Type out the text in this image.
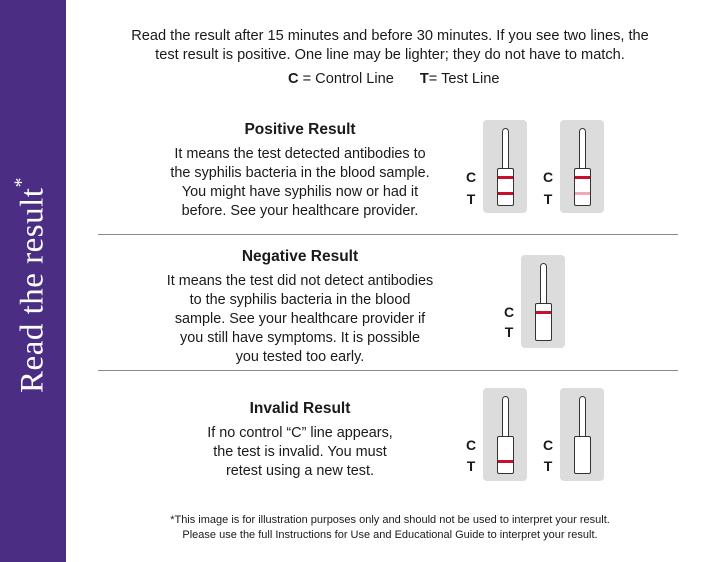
Read the result*
Read the result after 15 minutes and before 30 minutes. If you see two lines, the
test result is positive. One line may be lighter; they do not have to match.
C = Control Line T= Test Line
Positive Result

It means the test detected antibodies to
the syphilis bacteria in the blood sample.
You might have syphilis now or had it
before. See your healthcare provider.

C
T
C
T
Negative Result

It means the test did not detect antibodies
to the syphilis bacteria in the blood
sample. See your healthcare provider if
you still have symptoms. It is possible
you tested too early.

C
T
Invalid Result

If no control “C” line appears,
the test is invalid. You must
retest using a new test.

C
T
C
T
*This image is for illustration purposes only and should not be used to interpret your result.
Please use the full Instructions for Use and Educational Guide to interpret your result.
